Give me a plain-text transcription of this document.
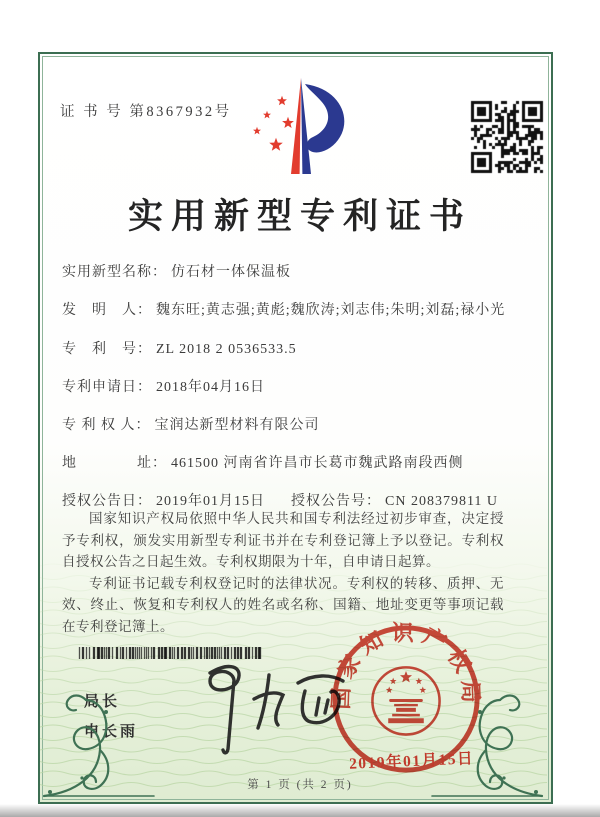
证 书 号 第8367932号
实用新型专利证书
实用新型名称： 仿石材一体保温板
发　明　人： 魏东旺;黄志强;黄彪;魏欣涛;刘志伟;朱明;刘磊;禄小光
专　利　号： ZL 2018 2 0536533.5
专利申请日： 2018年04月16日
专 利 权 人： 宝润达新型材料有限公司
地　　　　址： 461500 河南省许昌市长葛市魏武路南段西侧
授权公告日： 2019年01月15日 授权公告号： CN 208379811 U

国家知识产权局依照中华人民共和国专利法经过初步审查，决定授予专利权，颁发实用新型专利证书并在专利登记簿上予以登记。专利权自授权公告之日起生效。专利权期限为十年，自申请日起算。

专利证书记载专利权登记时的法律状况。专利权的转移、质押、无效、终止、恢复和专利权人的姓名或名称、国籍、地址变更等事项记载在专利登记簿上。

局长
申长雨
国家知识产权局
2019年01月15日
第 1 页 (共 2 页)
